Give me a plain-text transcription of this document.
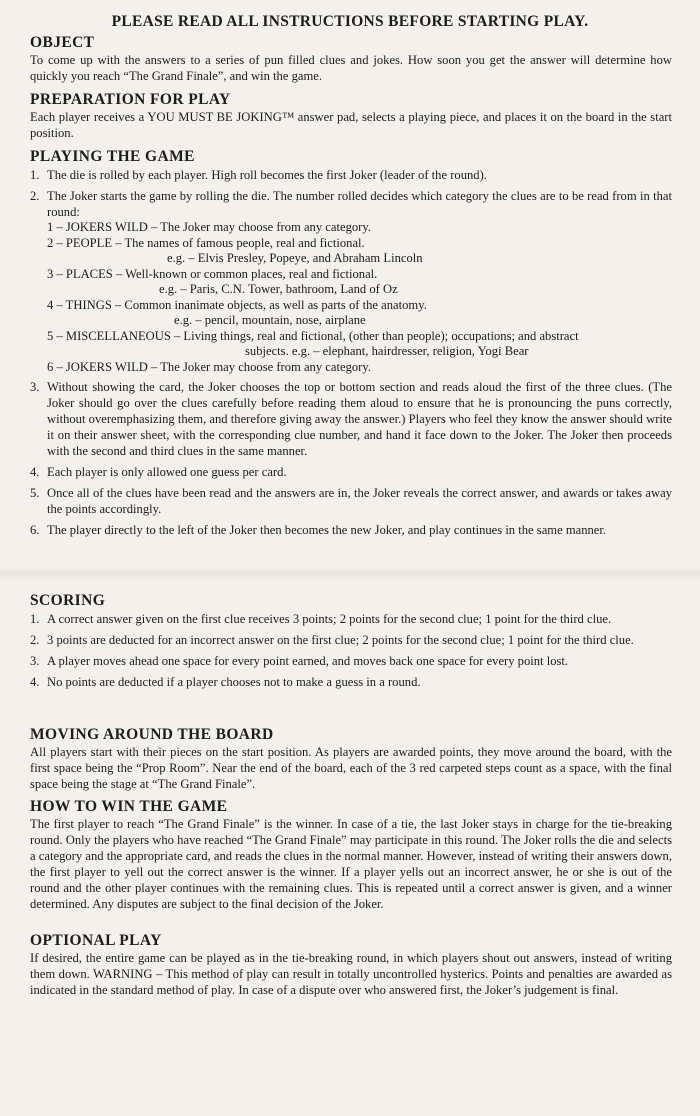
PLEASE READ ALL INSTRUCTIONS BEFORE STARTING PLAY.
OBJECT

To come up with the answers to a series of pun filled clues and jokes. How soon you get the answer will determine how quickly you reach “The Grand Finale”, and win the game.

PREPARATION FOR PLAY

Each player receives a YOU MUST BE JOKING™ answer pad, selects a playing piece, and places it on the board in the start position.

PLAYING THE GAME
1. The die is rolled by each player. High roll becomes the first Joker (leader of the round).
2. The Joker starts the game by rolling the die. The number rolled decides which category the clues are to be read from in that round:
1 – JOKERS WILD – The Joker may choose from any category.
2 – PEOPLE – The names of famous people, real and fictional.
e.g. – Elvis Presley, Popeye, and Abraham Lincoln
3 – PLACES – Well-known or common places, real and fictional.
e.g. – Paris, C.N. Tower, bathroom, Land of Oz
4 – THINGS – Common inanimate objects, as well as parts of the anatomy.
e.g. – pencil, mountain, nose, airplane
5 – MISCELLANEOUS – Living things, real and fictional, (other than people); occupations; and abstract
subjects. e.g. – elephant, hairdresser, religion, Yogi Bear
6 – JOKERS WILD – The Joker may choose from any category.
3. Without showing the card, the Joker chooses the top or bottom section and reads aloud the first of the three clues. (The Joker should go over the clues carefully before reading them aloud to ensure that he is pronouncing the puns correctly, without overemphasizing them, and therefore giving away the answer.) Players who feel they know the answer should write it on their answer sheet, with the corresponding clue number, and hand it face down to the Joker. The Joker then proceeds with the second and third clues in the same manner.
4. Each player is only allowed one guess per card.
5. Once all of the clues have been read and the answers are in, the Joker reveals the correct answer, and awards or takes away the points accordingly.
6. The player directly to the left of the Joker then becomes the new Joker, and play continues in the same manner.
SCORING
1. A correct answer given on the first clue receives 3 points; 2 points for the second clue; 1 point for the third clue.
2. 3 points are deducted for an incorrect answer on the first clue; 2 points for the second clue; 1 point for the third clue.
3. A player moves ahead one space for every point earned, and moves back one space for every point lost.
4. No points are deducted if a player chooses not to make a guess in a round.
MOVING AROUND THE BOARD

All players start with their pieces on the start position. As players are awarded points, they move around the board, with the first space being the “Prop Room”. Near the end of the board, each of the 3 red carpeted steps count as a space, with the final space being the stage at “The Grand Finale”.

HOW TO WIN THE GAME

The first player to reach “The Grand Finale” is the winner. In case of a tie, the last Joker stays in charge for the tie-breaking round. Only the players who have reached “The Grand Finale” may participate in this round. The Joker rolls the die and selects a category and the appropriate card, and reads the clues in the normal manner. However, instead of writing their answers down, the first player to yell out the correct answer is the winner. If a player yells out an incorrect answer, he or she is out of the round and the other player continues with the remaining clues. This is repeated until a correct answer is given, and a winner determined. Any disputes are subject to the final decision of the Joker.

OPTIONAL PLAY

If desired, the entire game can be played as in the tie-breaking round, in which players shout out answers, instead of writing them down. WARNING – This method of play can result in totally uncontrolled hysterics. Points and penalties are awarded as indicated in the standard method of play. In case of a dispute over who answered first, the Joker’s judgement is final.
